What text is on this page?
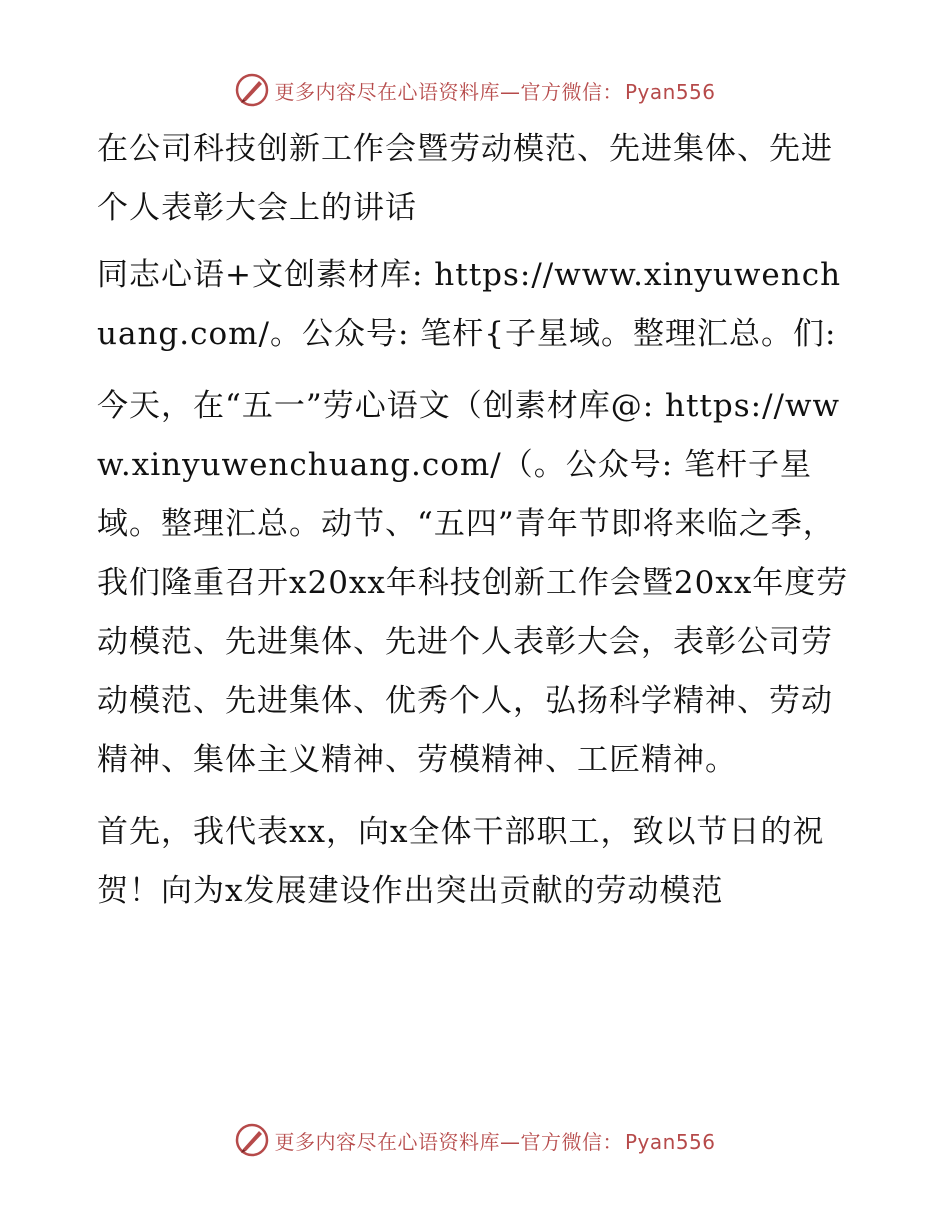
更多内容尽在心语资料库—官方微信： Pyan556

在公司科技创新工作会暨劳动模范、先进集体、先进个人表彰大会上的讲话

同志心语+文创素材库: https://www.xinyuwenchuang.com/。公众号: 笔杆{子星域。整理汇总。们:

今天，在“五一”劳心语文（创素材库@: https://www.xinyuwenchuang.com/（。公众号: 笔杆子星域。整理汇总。动节、“五四”青年节即将来临之季，我们隆重召开x20xx年科技创新工作会暨20xx年度劳动模范、先进集体、先进个人表彰大会，表彰公司劳动模范、先进集体、优秀个人，弘扬科学精神、劳动精神、集体主义精神、劳模精神、工匠精神。

首先，我代表xx，向x全体干部职工，致以节日的祝贺！向为x发展建设作出突出贡献的劳动模范

更多内容尽在心语资料库—官方微信： Pyan556
